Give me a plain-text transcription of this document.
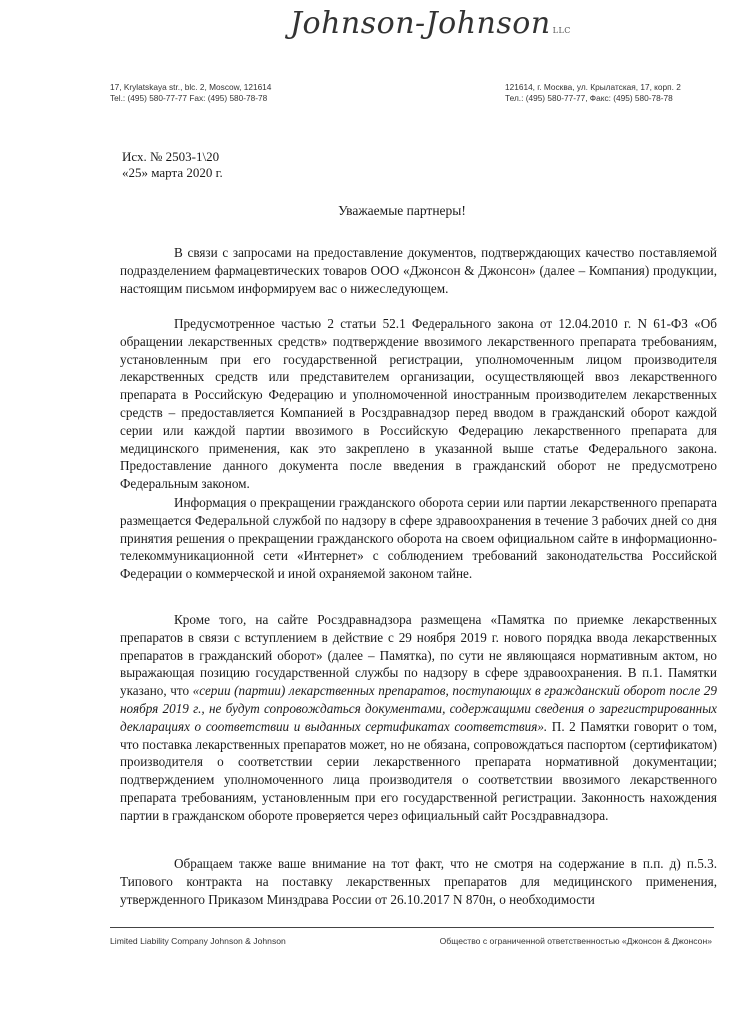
Johnson-Johnson LLC
17, Krylatskaya str., blc. 2, Moscow, 121614
Tel.: (495) 580-77-77 Fax: (495) 580-78-78
121614, г. Москва, ул. Крылатская, 17, корп. 2
Тел.: (495) 580-77-77, Факс: (495) 580-78-78
Исх. № 2503-1\20
«25» марта 2020 г.
Уважаемые партнеры!
В связи с запросами на предоставление документов, подтверждающих качество поставляемой подразделением фармацевтических товаров ООО «Джонсон & Джонсон» (далее – Компания) продукции, настоящим письмом информируем вас о нижеследующем.
Предусмотренное частью 2 статьи 52.1 Федерального закона от 12.04.2010 г. N 61-ФЗ «Об обращении лекарственных средств» подтверждение ввозимого лекарственного препарата требованиям, установленным при его государственной регистрации, уполномоченным лицом производителя лекарственных средств или представителем организации, осуществляющей ввоз лекарственного препарата в Российскую Федерацию и уполномоченной иностранным производителем лекарственных средств – предоставляется Компанией в Росздравнадзор перед вводом в гражданский оборот каждой серии или каждой партии ввозимого в Российскую Федерацию лекарственного препарата для медицинского применения, как это закреплено в указанной выше статье Федерального закона. Предоставление данного документа после введения в гражданский оборот не предусмотрено Федеральным законом.
Информация о прекращении гражданского оборота серии или партии лекарственного препарата размещается Федеральной службой по надзору в сфере здравоохранения в течение 3 рабочих дней со дня принятия решения о прекращении гражданского оборота на своем официальном сайте в информационно-телекоммуникационной сети «Интернет» с соблюдением требований законодательства Российской Федерации о коммерческой и иной охраняемой законом тайне.
Кроме того, на сайте Росздравнадзора размещена «Памятка по приемке лекарственных препаратов в связи с вступлением в действие с 29 ноября 2019 г. нового порядка ввода лекарственных препаратов в гражданский оборот» (далее – Памятка), по сути не являющаяся нормативным актом, но выражающая позицию государственной службы по надзору в сфере здравоохранения. В п.1. Памятки указано, что «серии (партии) лекарственных препаратов, поступающих в гражданский оборот после 29 ноября 2019 г., не будут сопровождаться документами, содержащими сведения о зарегистрированных декларациях о соответствии и выданных сертификатах соответствия». П. 2 Памятки говорит о том, что поставка лекарственных препаратов может, но не обязана, сопровождаться паспортом (сертификатом) производителя о соответствии серии лекарственного препарата нормативной документации; подтверждением уполномоченного лица производителя о соответствии ввозимого лекарственного препарата требованиям, установленным при его государственной регистрации. Законность нахождения партии в гражданском обороте проверяется через официальный сайт Росздравнадзора.
Обращаем также ваше внимание на тот факт, что не смотря на содержание в п.п. д) п.5.3. Типового контракта на поставку лекарственных препаратов для медицинского применения, утвержденного Приказом Минздрава России от 26.10.2017 N 870н, о необходимости
Limited Liability Company Johnson & Johnson	Общество с ограниченной ответственностью «Джонсон & Джонсон»
